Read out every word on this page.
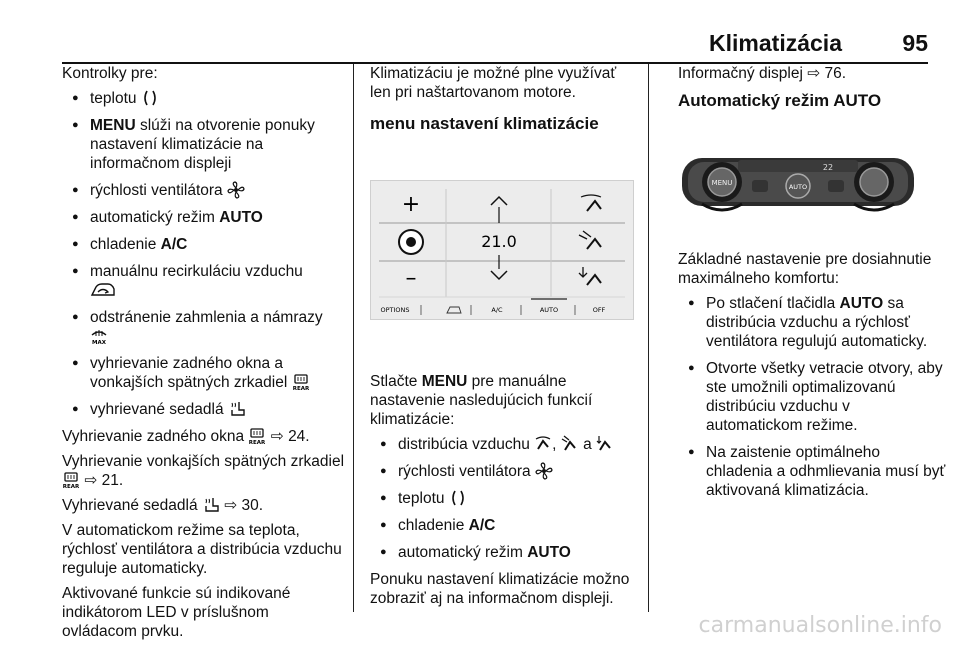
Klimatizácia	95

Kontrolky pre:

● teplotu
● MENU slúži na otvorenie ponuky nastavení klimatizácie na informačnom displeji
● rýchlosti ventilátora
● automatický režim AUTO
● chladenie A/C
● manuálnu recirkuláciu vzduchu

● odstránenie zahmlenia a námrazy
MAX
● vyhrievanie zadného okna a vonkajších spätných zrkadiel REAR
● vyhrievané sedadlá

Vyhrievanie zadného okna REAR ⇨ 24.

Vyhrievanie vonkajších spätných zrkadiel
REAR ⇨ 21.

Vyhrievané sedadlá ⇨ 30.

V automatickom režime sa teplota, rýchlosť ventilátora a distribúcia vzduchu reguluje automaticky.

Aktivované funkcie sú indikované indikátorom LED v príslušnom ovládacom prvku.

Klimatizáciu je možné plne využívať len pri naštartovanom motore.

menu nastavení klimatizácie
+
–
21.0
OPTIONS	A/C	AUTO	OFF

Stlačte MENU pre manuálne nastavenie nasledujúcich funkcií klimatizácie:

● distribúcia vzduchu ,
a
● rýchlosti ventilátora
● teplotu
● chladenie A/C
● automatický režim AUTO

Ponuku nastavení klimatizácie možno zobraziť aj na informačnom displeji.

Informačný displej ⇨ 76.

Automatický režim AUTO
22
MENU	AUTO

Základné nastavenie pre dosiahnutie maximálneho komfortu:

● Po stlačení tlačidla AUTO sa distribúcia vzduchu a rýchlosť ventilátora regulujú automaticky.
● Otvorte všetky vetracie otvory, aby ste umožnili optimalizovanú distribúciu vzduchu v automatickom režime.
● Na zaistenie optimálneho chladenia a odhmlievania musí byť aktivovaná klimatizácia.
carmanualsonline.info
